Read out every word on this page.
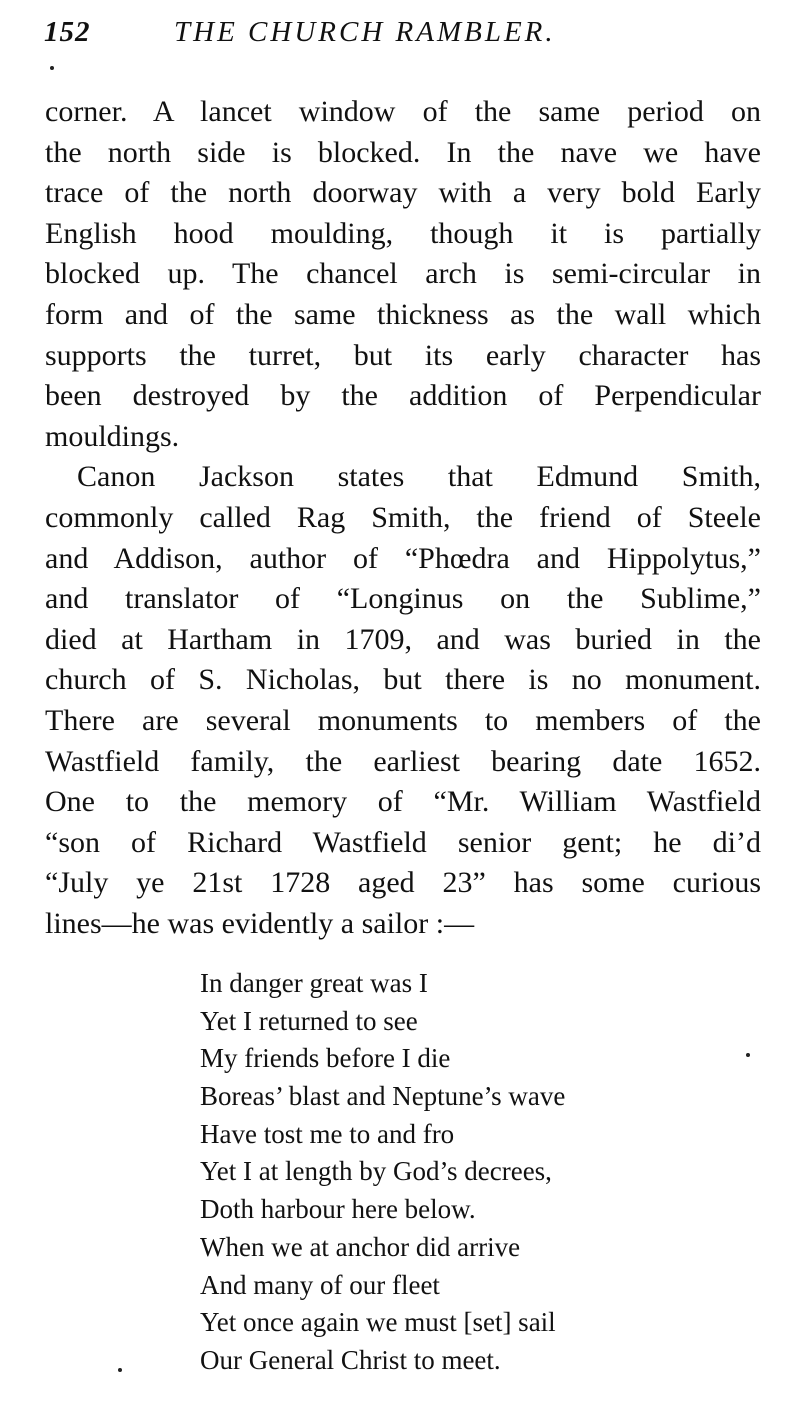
152	THE CHURCH RAMBLER.
corner. A lancet window of the same period on
the north side is blocked. In the nave we have
trace of the north doorway with a very bold Early
English hood moulding, though it is partially
blocked up. The chancel arch is semi-circular in
form and of the same thickness as the wall which
supports the turret, but its early character has
been destroyed by the addition of Perpendicular
mouldings.
Canon Jackson states that Edmund Smith,
commonly called Rag Smith, the friend of Steele
and Addison, author of “Phœdra and Hippolytus,”
and translator of “Longinus on the Sublime,”
died at Hartham in 1709, and was buried in the
church of S. Nicholas, but there is no monument.
There are several monuments to members of the
Wastfield family, the earliest bearing date 1652.
One to the memory of “Mr. William Wastfield
“son of Richard Wastfield senior gent; he di’d
“July ye 21st 1728 aged 23” has some curious
lines—he was evidently a sailor :—
In danger great was I
Yet I returned to see
My friends before I die
Boreas’ blast and Neptune’s wave
Have tost me to and fro
Yet I at length by God’s decrees,
Doth harbour here below.
When we at anchor did arrive
And many of our fleet
Yet once again we must [set] sail
Our General Christ to meet.
